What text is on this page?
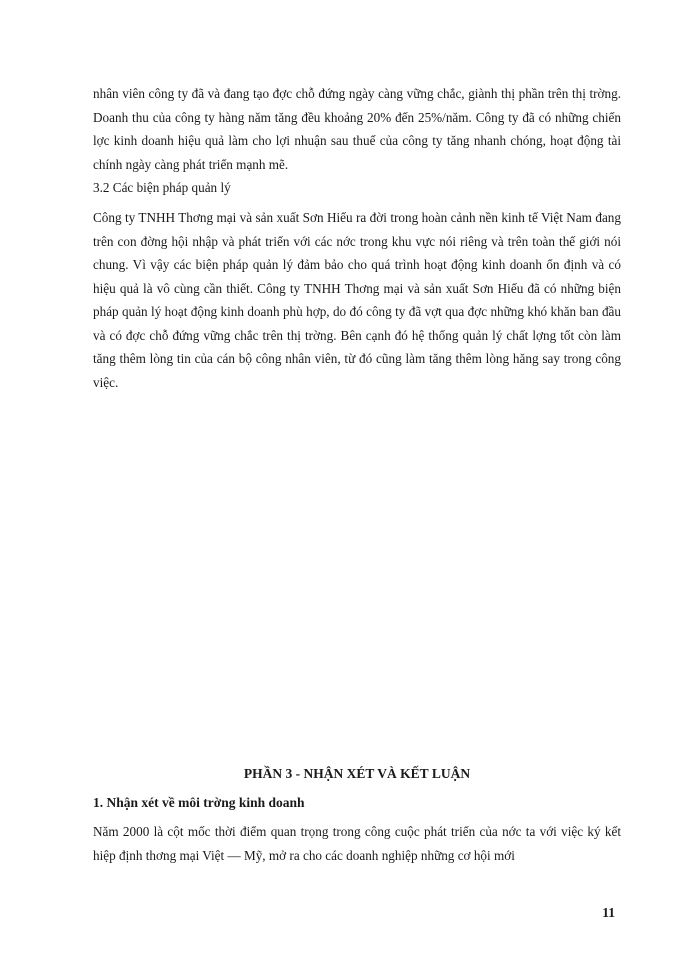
nhân viên công ty đã và đang tạo đợc chỗ đứng ngày càng vững chắc, giành thị phần trên thị trờng. Doanh thu của công ty hàng năm tăng đều khoảng 20% đến 25%/năm. Công ty đã có những chiến lợc kinh doanh hiệu quả làm cho lợi nhuận sau thuế của công ty tăng nhanh chóng, hoạt động tài chính ngày càng phát triển mạnh mẽ.

3.2 Các biện pháp quản lý

Công ty TNHH Thơng mại và sản xuất Sơn Hiếu ra đời trong hoàn cảnh nền kinh tế Việt Nam đang trên con đờng hội nhập và phát triển với các nớc trong khu vực nói riêng và trên toàn thế giới nói chung. Vì vậy các biện pháp quản lý đảm bảo cho quá trình hoạt động kinh doanh ổn định và có hiệu quả là vô cùng cần thiết. Công ty TNHH Thơng mại và sản xuất Sơn Hiếu đã có những biện pháp quản lý hoạt động kinh doanh phù hợp, do đó công ty đã vợt qua đợc những khó khăn ban đầu và có đợc chỗ đứng vững chắc trên thị trờng. Bên cạnh đó hệ thống quản lý chất lợng tốt còn làm tăng thêm lòng tin của cán bộ công nhân viên, từ đó cũng làm tăng thêm lòng hăng say trong công việc.

PHẦN 3 - NHẬN XÉT VÀ KẾT LUẬN

1. Nhận xét về môi trờng kinh doanh

Năm 2000 là cột mốc thời điểm quan trọng trong công cuộc phát triển của nớc ta với việc ký kết hiệp định thơng mại Việt — Mỹ, mở ra cho các doanh nghiệp những cơ hội mới

11
